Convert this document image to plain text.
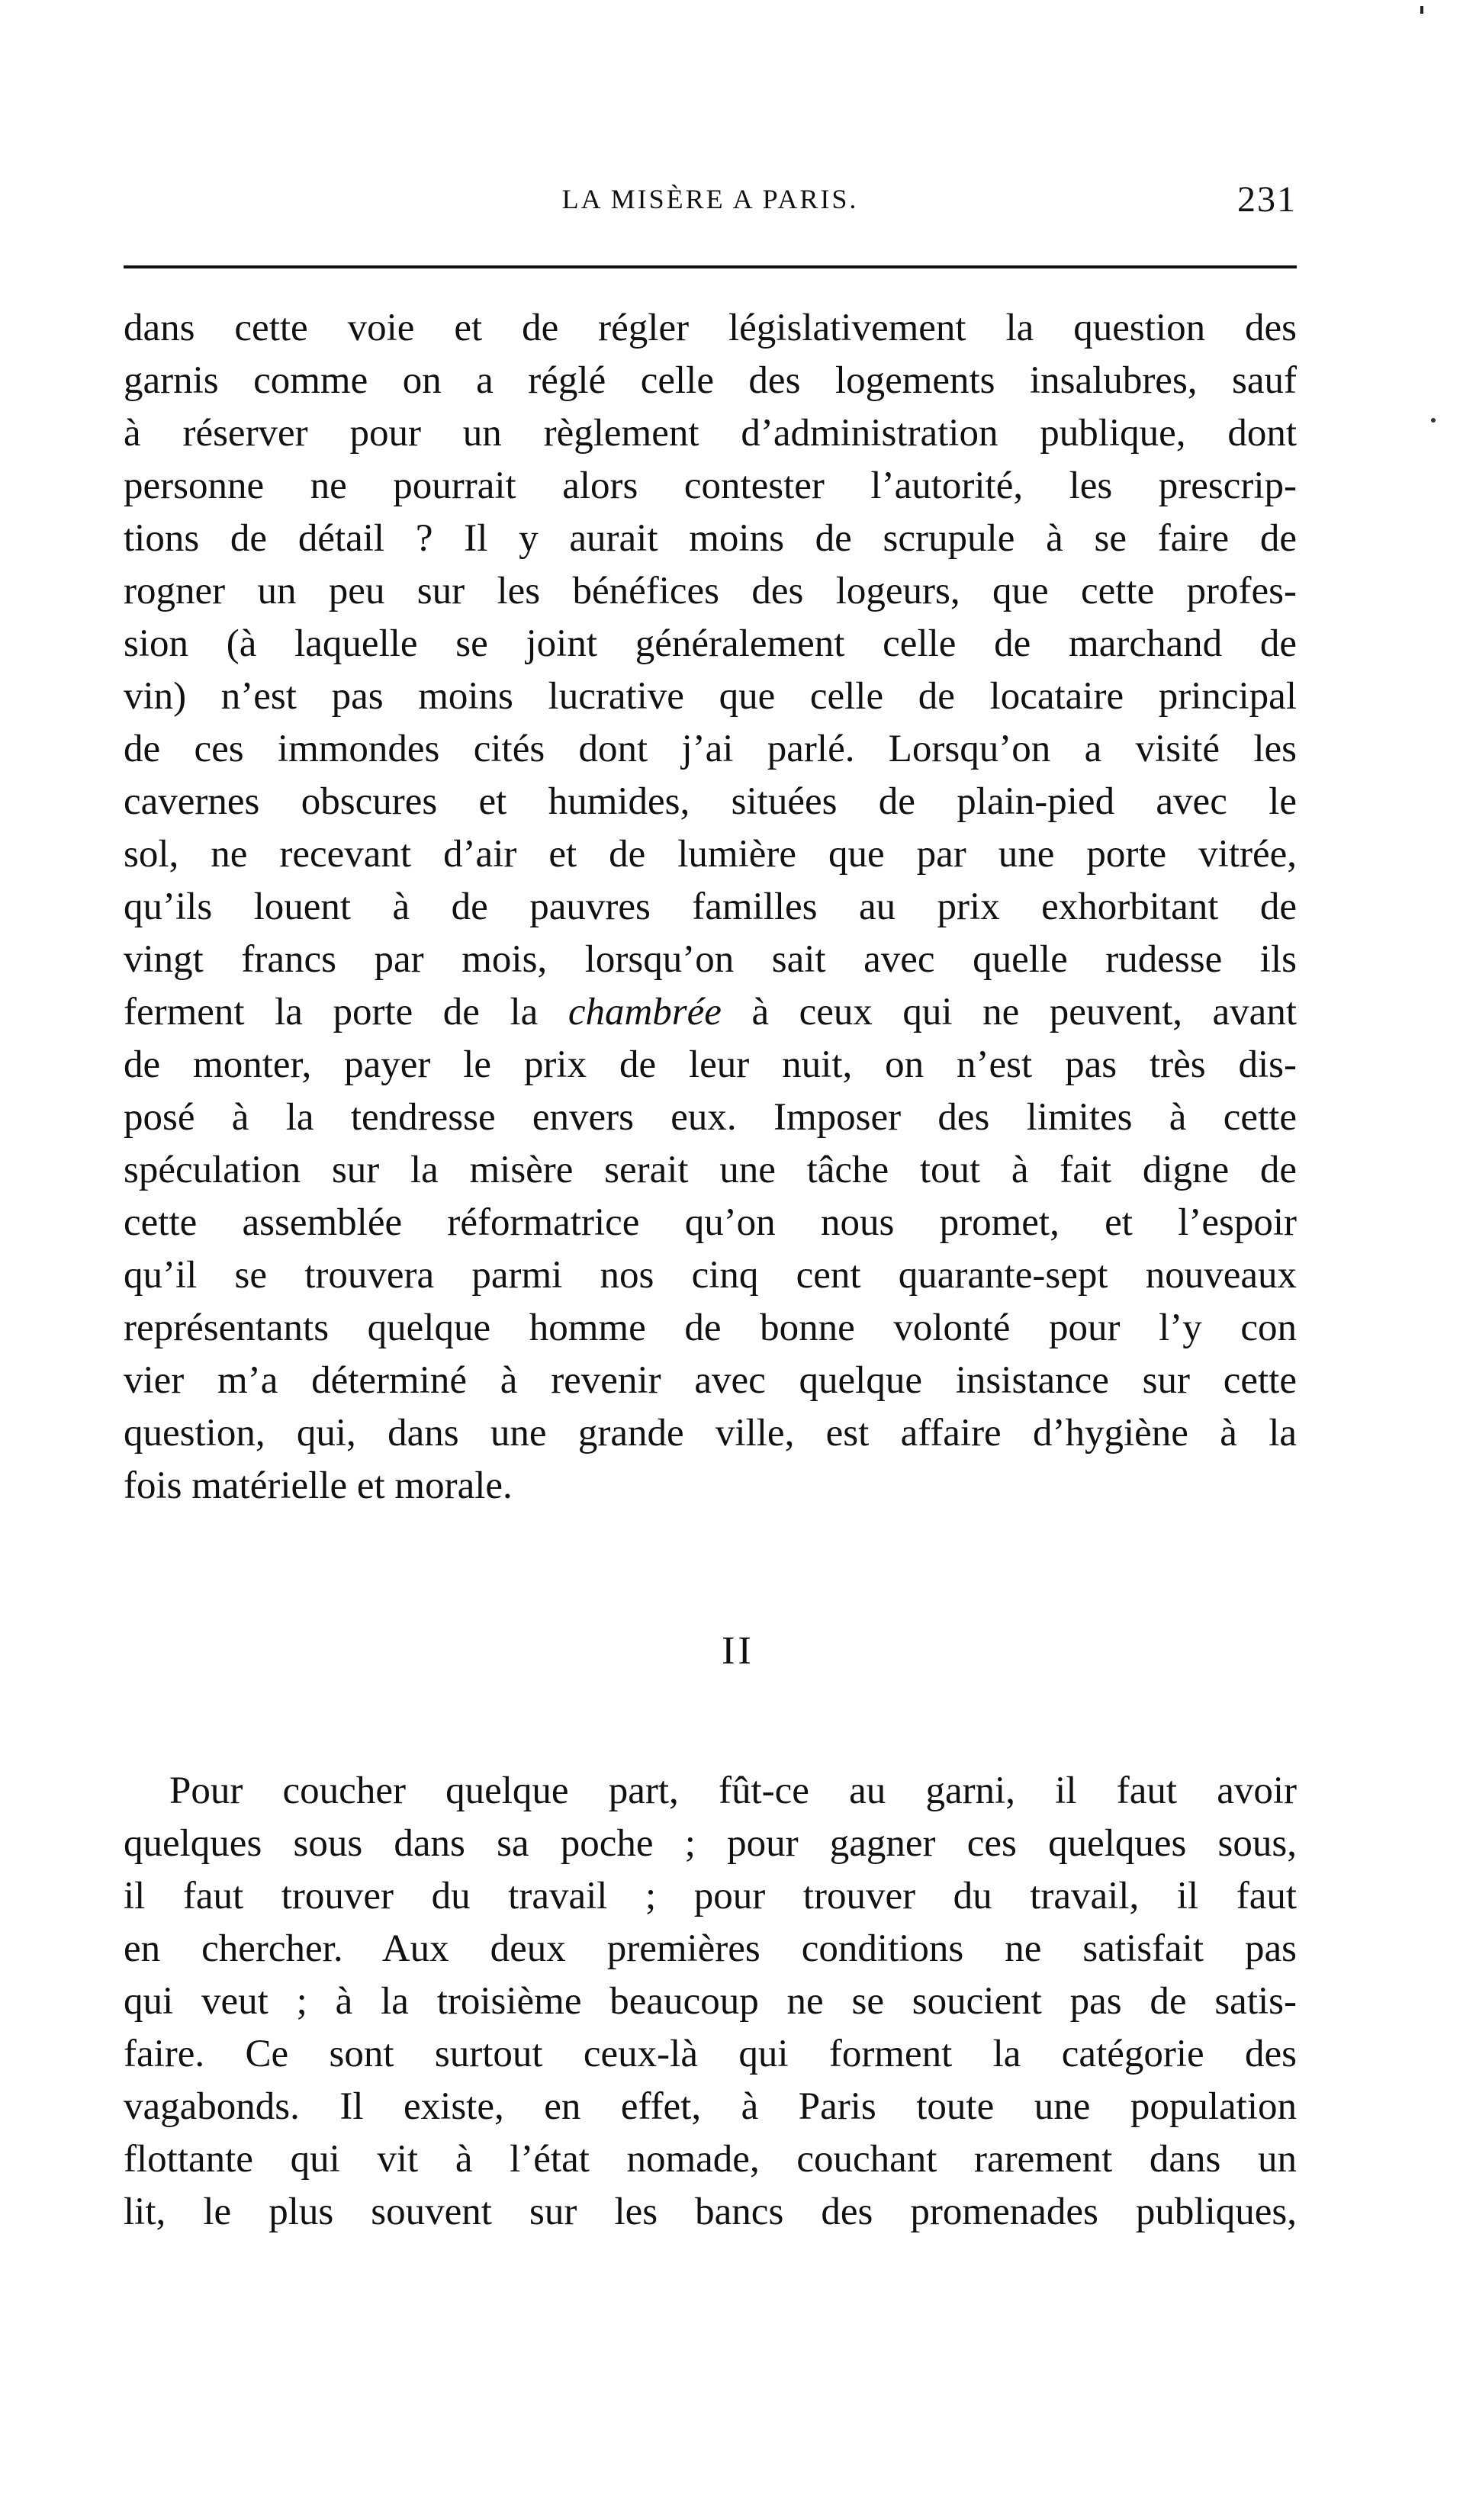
LA MISÈRE A PARIS.	231
dans cette voie et de régler législativement la question des
garnis comme on a réglé celle des logements insalubres, sauf
à réserver pour un règlement d’administration publique, dont
personne ne pourrait alors contester l’autorité, les prescrip-
tions de détail ? Il y aurait moins de scrupule à se faire de
rogner un peu sur les bénéfices des logeurs, que cette profes-
sion (à laquelle se joint généralement celle de marchand de
vin) n’est pas moins lucrative que celle de locataire principal
de ces immondes cités dont j’ai parlé. Lorsqu’on a visité les
cavernes obscures et humides, situées de plain-pied avec le
sol, ne recevant d’air et de lumière que par une porte vitrée,
qu’ils louent à de pauvres familles au prix exhorbitant de
vingt francs par mois, lorsqu’on sait avec quelle rudesse ils
ferment la porte de la chambrée à ceux qui ne peuvent, avant
de monter, payer le prix de leur nuit, on n’est pas très dis-
posé à la tendresse envers eux. Imposer des limites à cette
spéculation sur la misère serait une tâche tout à fait digne de
cette assemblée réformatrice qu’on nous promet, et l’espoir
qu’il se trouvera parmi nos cinq cent quarante-sept nouveaux
représentants quelque homme de bonne volonté pour l’y con
vier m’a déterminé à revenir avec quelque insistance sur cette
question, qui, dans une grande ville, est affaire d’hygiène à la
fois matérielle et morale.
II
Pour coucher quelque part, fût-ce au garni, il faut avoir
quelques sous dans sa poche ; pour gagner ces quelques sous,
il faut trouver du travail ; pour trouver du travail, il faut
en chercher. Aux deux premières conditions ne satisfait pas
qui veut ; à la troisième beaucoup ne se soucient pas de satis-
faire. Ce sont surtout ceux-là qui forment la catégorie des
vagabonds. Il existe, en effet, à Paris toute une population
flottante qui vit à l’état nomade, couchant rarement dans un
lit, le plus souvent sur les bancs des promenades publiques,
